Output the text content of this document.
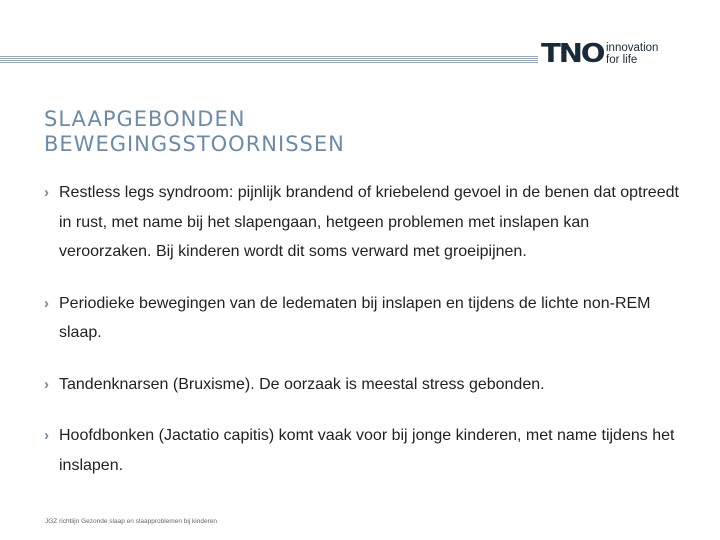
TNO innovation
for life
SLAAPGEBONDEN
BEWEGINGSSTOORNISSEN
› Restless legs syndroom: pijnlijk brandend of kriebelend gevoel in de benen dat optreedt in rust, met name bij het slapengaan, hetgeen problemen met inslapen kan veroorzaken. Bij kinderen wordt dit soms verward met groeipijnen.
› Periodieke bewegingen van de ledematen bij inslapen en tijdens de lichte non-REM slaap.
› Tandenknarsen (Bruxisme). De oorzaak is meestal stress gebonden.
› Hoofdbonken (Jactatio capitis) komt vaak voor bij jonge kinderen, met name tijdens het inslapen.
JGZ richtlijn Gezonde slaap en slaapproblemen bij kinderen
